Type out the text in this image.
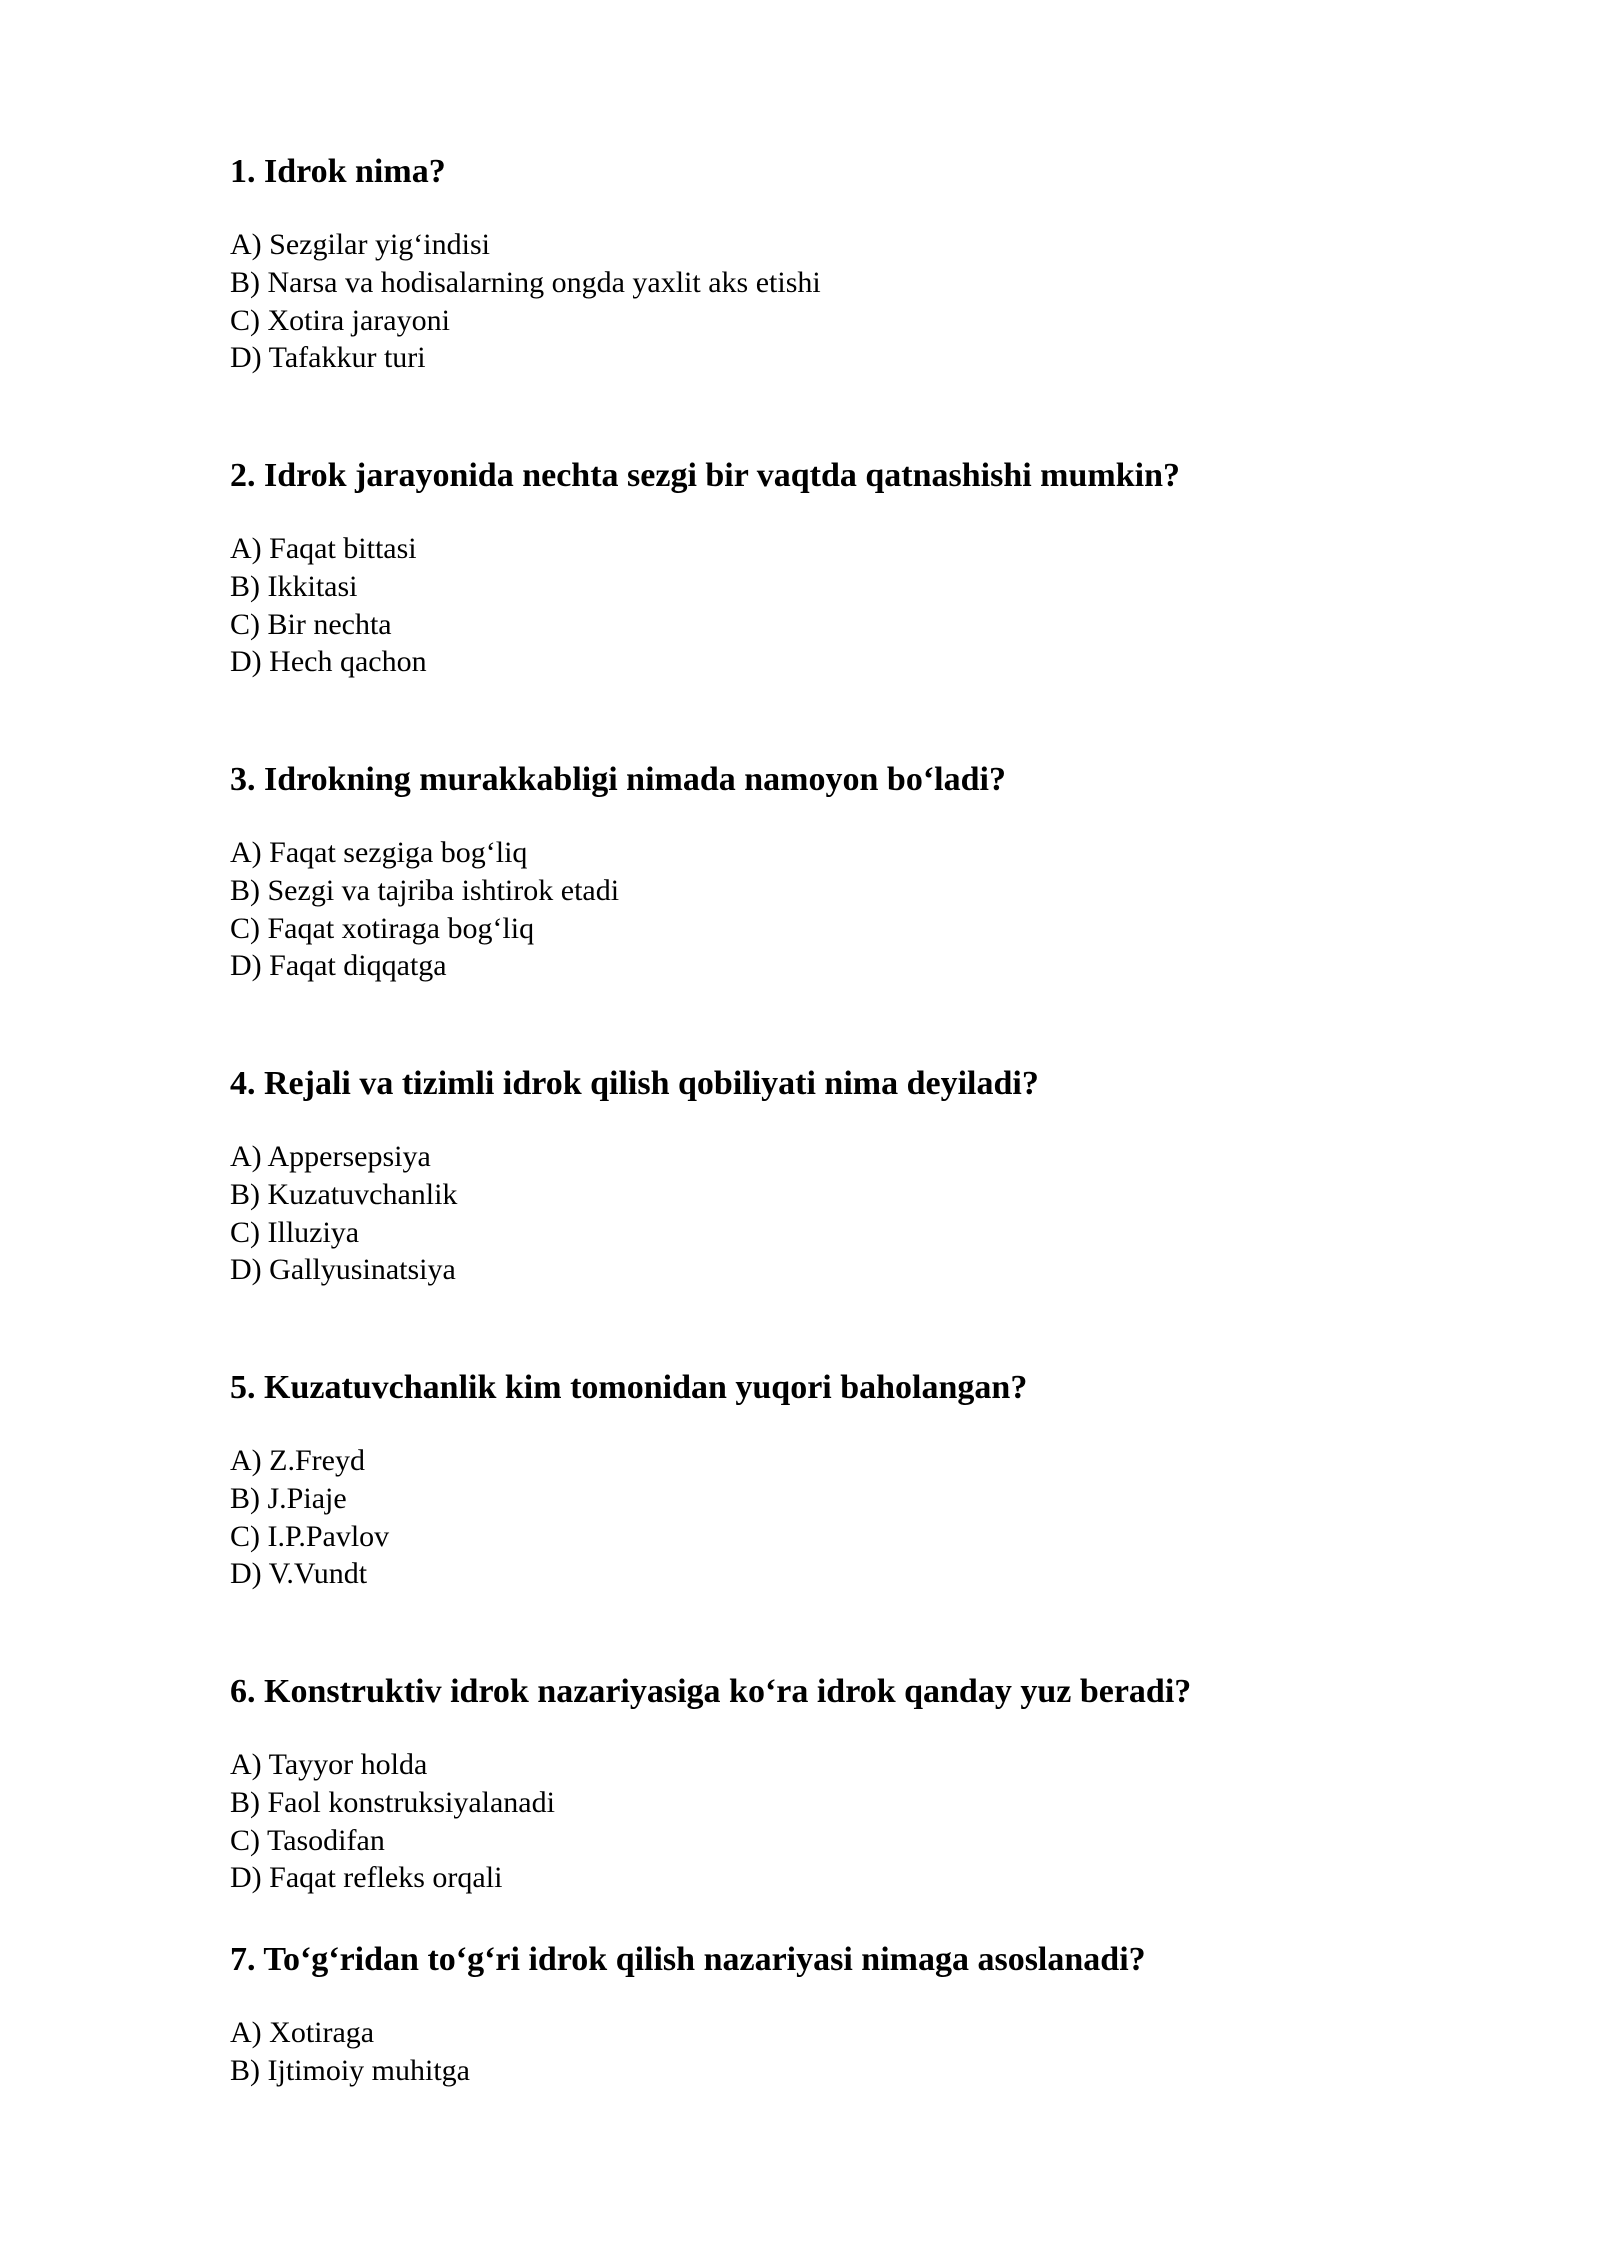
1. Idrok nima?
A) Sezgilar yig‘indisi
B) Narsa va hodisalarning ongda yaxlit aks etishi
C) Xotira jarayoni
D) Tafakkur turi
2. Idrok jarayonida nechta sezgi bir vaqtda qatnashishi mumkin?
A) Faqat bittasi
B) Ikkitasi
C) Bir nechta
D) Hech qachon
3. Idrokning murakkabligi nimada namoyon bo‘ladi?
A) Faqat sezgiga bog‘liq
B) Sezgi va tajriba ishtirok etadi
C) Faqat xotiraga bog‘liq
D) Faqat diqqatga
4. Rejali va tizimli idrok qilish qobiliyati nima deyiladi?
A) Appersepsiya
B) Kuzatuvchanlik
C) Illuziya
D) Gallyusinatsiya
5. Kuzatuvchanlik kim tomonidan yuqori baholangan?
A) Z.Freyd
B) J.Piaje
C) I.P.Pavlov
D) V.Vundt
6. Konstruktiv idrok nazariyasiga ko‘ra idrok qanday yuz beradi?
A) Tayyor holda
B) Faol konstruksiyalanadi
C) Tasodifan
D) Faqat refleks orqali
7. To‘g‘ridan to‘g‘ri idrok qilish nazariyasi nimaga asoslanadi?
A) Xotiraga
B) Ijtimoiy muhitga
